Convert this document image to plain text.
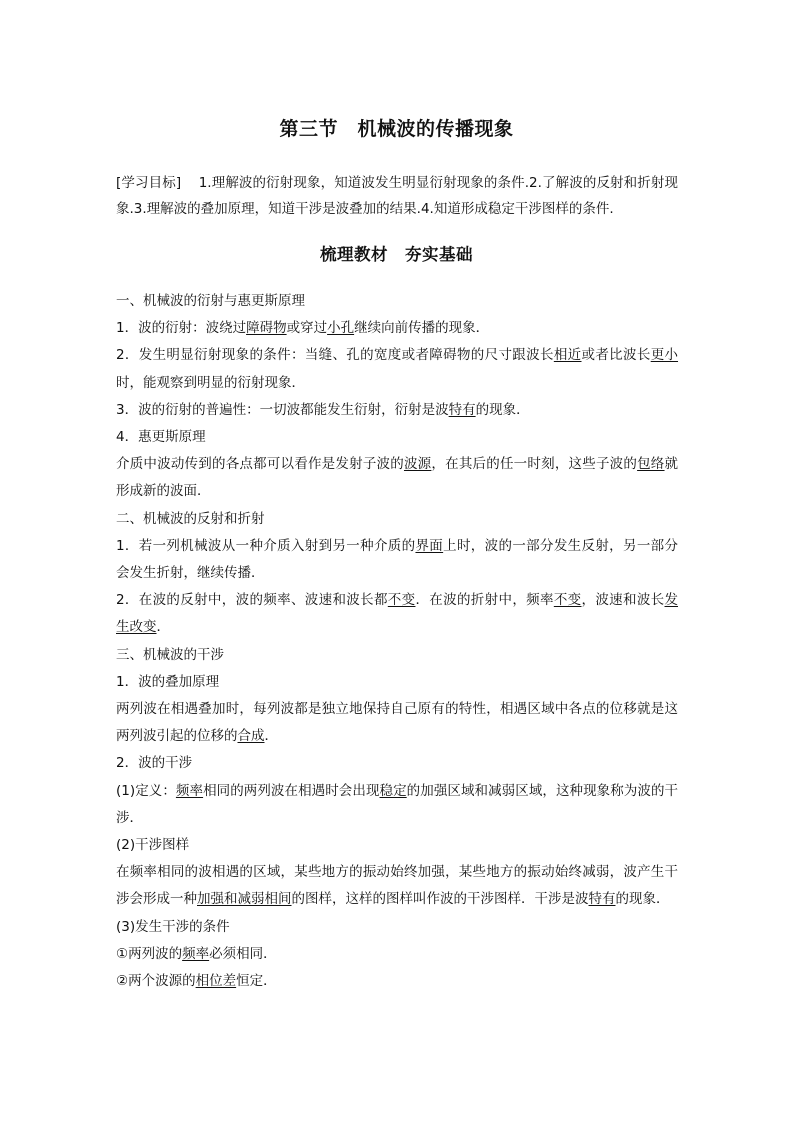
第三节　机械波的传播现象
[学习目标] 1.理解波的衍射现象，知道波发生明显衍射现象的条件.2.了解波的反射和折射现象.3.理解波的叠加原理，知道干涉是波叠加的结果.4.知道形成稳定干涉图样的条件.
梳理教材　夯实基础

一、机械波的衍射与惠更斯原理

1．波的衍射：波绕过障碍物或穿过小孔继续向前传播的现象．

2．发生明显衍射现象的条件：当缝、孔的宽度或者障碍物的尺寸跟波长相近或者比波长更小时，能观察到明显的衍射现象．

3．波的衍射的普遍性：一切波都能发生衍射，衍射是波特有的现象．

4．惠更斯原理

介质中波动传到的各点都可以看作是发射子波的波源，在其后的任一时刻，这些子波的包络就形成新的波面．

二、机械波的反射和折射

1．若一列机械波从一种介质入射到另一种介质的界面上时，波的一部分发生反射，另一部分会发生折射，继续传播．

2．在波的反射中，波的频率、波速和波长都不变．在波的折射中，频率不变，波速和波长发生改变．

三、机械波的干涉

1．波的叠加原理

两列波在相遇叠加时，每列波都是独立地保持自己原有的特性，相遇区域中各点的位移就是这两列波引起的位移的合成．

2．波的干涉

(1)定义：频率相同的两列波在相遇时会出现稳定的加强区域和减弱区域，这种现象称为波的干涉．

(2)干涉图样

在频率相同的波相遇的区域，某些地方的振动始终加强，某些地方的振动始终减弱，波产生干涉会形成一种加强和减弱相间的图样，这样的图样叫作波的干涉图样．干涉是波特有的现象．

(3)发生干涉的条件

①两列波的频率必须相同．

②两个波源的相位差恒定．
